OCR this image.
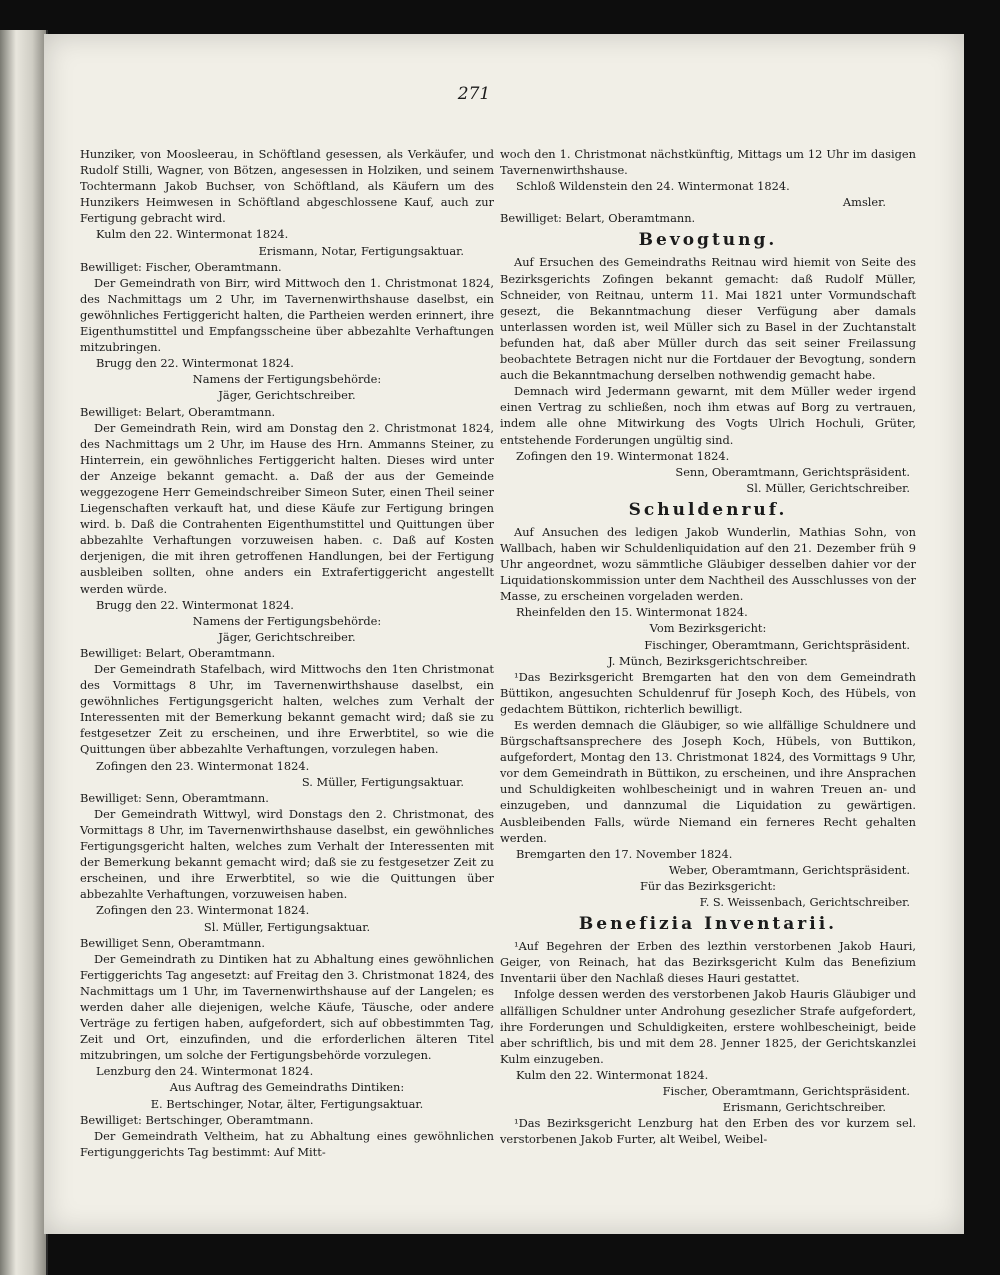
271

Hunziker, von Moosleerau, in Schöftland gesessen, als Verkäufer, und Rudolf Stilli, Wagner, von Bötzen, angesessen in Holziken, und seinem Tochtermann Jakob Buchser, von Schöftland, als Käufern um des Hunzikers Heimwesen in Schöftland abgeschlossene Kauf, auch zur Fertigung gebracht wird.

Kulm den 22. Wintermonat 1824.

Erismann, Notar, Fertigungsaktuar.

Bewilliget: Fischer, Oberamtmann.

Der Gemeindrath von Birr, wird Mittwoch den 1. Christmonat 1824, des Nachmittags um 2 Uhr, im Tavernenwirthshause daselbst, ein gewöhnliches Fertiggericht halten, die Partheien werden erinnert, ihre Eigenthumstittel und Empfangsscheine über abbezahlte Verhaftungen mitzubringen.

Brugg den 22. Wintermonat 1824.

Namens der Fertigungsbehörde:

Jäger, Gerichtschreiber.

Bewilliget: Belart, Oberamtmann.

Der Gemeindrath Rein, wird am Donstag den 2. Christmonat 1824, des Nachmittags um 2 Uhr, im Hause des Hrn. Ammanns Steiner, zu Hinterrein, ein gewöhnliches Fertiggericht halten. Dieses wird unter der Anzeige bekannt gemacht. a. Daß der aus der Gemeinde weggezogene Herr Gemeindschreiber Simeon Suter, einen Theil seiner Liegenschaften verkauft hat, und diese Käufe zur Fertigung bringen wird. b. Daß die Contrahenten Eigenthumstittel und Quittungen über abbezahlte Verhaftungen vorzuweisen haben. c. Daß auf Kosten derjenigen, die mit ihren getroffenen Handlungen, bei der Fertigung ausbleiben sollten, ohne anders ein Extrafertiggericht angestellt werden würde.

Brugg den 22. Wintermonat 1824.

Namens der Fertigungsbehörde:

Jäger, Gerichtschreiber.

Bewilliget: Belart, Oberamtmann.

Der Gemeindrath Stafelbach, wird Mittwochs den 1ten Christmonat des Vormittags 8 Uhr, im Tavernenwirthshause daselbst, ein gewöhnliches Fertigungsgericht halten, welches zum Verhalt der Interessenten mit der Bemerkung bekannt gemacht wird; daß sie zu festgesetzer Zeit zu erscheinen, und ihre Erwerbtitel, so wie die Quittungen über abbezahlte Verhaftungen, vorzulegen haben.

Zofingen den 23. Wintermonat 1824.

S. Müller, Fertigungsaktuar.

Bewilliget: Senn, Oberamtmann.

Der Gemeindrath Wittwyl, wird Donstags den 2. Christmonat, des Vormittags 8 Uhr, im Tavernenwirthshause daselbst, ein gewöhnliches Fertigungsgericht halten, welches zum Verhalt der Interessenten mit der Bemerkung bekannt gemacht wird; daß sie zu festgesetzer Zeit zu erscheinen, und ihre Erwerbtitel, so wie die Quittungen über abbezahlte Verhaftungen, vorzuweisen haben.

Zofingen den 23. Wintermonat 1824.

Sl. Müller, Fertigungsaktuar.

Bewilliget Senn, Oberamtmann.

Der Gemeindrath zu Dintiken hat zu Abhaltung eines gewöhnlichen Fertiggerichts Tag angesetzt: auf Freitag den 3. Christmonat 1824, des Nachmittags um 1 Uhr, im Tavernenwirthshause auf der Langelen; es werden daher alle diejenigen, welche Käufe, Täusche, oder andere Verträge zu fertigen haben, aufgefordert, sich auf obbestimmten Tag, Zeit und Ort, einzufinden, und die erforderlichen älteren Titel mitzubringen, um solche der Fertigungsbehörde vorzulegen.

Lenzburg den 24. Wintermonat 1824.

Aus Auftrag des Gemeindraths Dintiken:

E. Bertschinger, Notar, älter, Fertigungsaktuar.

Bewilliget: Bertschinger, Oberamtmann.

Der Gemeindrath Veltheim, hat zu Abhaltung eines gewöhnlichen Fertigunggerichts Tag bestimmt: Auf Mitt-

woch den 1. Christmonat nächstkünftig, Mittags um 12 Uhr im dasigen Tavernenwirthshause.

Schloß Wildenstein den 24. Wintermonat 1824.

Amsler.

Bewilliget: Belart, Oberamtmann.

Bevogtung.

Auf Ersuchen des Gemeindraths Reitnau wird hiemit von Seite des Bezirksgerichts Zofingen bekannt gemacht: daß Rudolf Müller, Schneider, von Reitnau, unterm 11. Mai 1821 unter Vormundschaft gesezt, die Bekanntmachung dieser Verfügung aber damals unterlassen worden ist, weil Müller sich zu Basel in der Zuchtanstalt befunden hat, daß aber Müller durch das seit seiner Freilassung beobachtete Betragen nicht nur die Fortdauer der Bevogtung, sondern auch die Bekanntmachung derselben nothwendig gemacht habe.

Demnach wird Jedermann gewarnt, mit dem Müller weder irgend einen Vertrag zu schließen, noch ihm etwas auf Borg zu vertrauen, indem alle ohne Mitwirkung des Vogts Ulrich Hochuli, Grüter, entstehende Forderungen ungültig sind.

Zofingen den 19. Wintermonat 1824.

Senn, Oberamtmann, Gerichtspräsident.

Sl. Müller, Gerichtschreiber.

Schuldenruf.

Auf Ansuchen des ledigen Jakob Wunderlin, Mathias Sohn, von Wallbach, haben wir Schuldenliquidation auf den 21. Dezember früh 9 Uhr angeordnet, wozu sämmtliche Gläubiger desselben dahier vor der Liquidationskommission unter dem Nachtheil des Ausschlusses von der Masse, zu erscheinen vorgeladen werden.

Rheinfelden den 15. Wintermonat 1824.

Vom Bezirksgericht:

Fischinger, Oberamtmann, Gerichtspräsident.

J. Münch, Bezirksgerichtschreiber.

¹Das Bezirksgericht Bremgarten hat den von dem Gemeindrath Büttikon, angesuchten Schuldenruf für Joseph Koch, des Hübels, von gedachtem Büttikon, richterlich bewilligt.

Es werden demnach die Gläubiger, so wie allfällige Schuldnere und Bürgschaftsansprechere des Joseph Koch, Hübels, von Buttikon, aufgefordert, Montag den 13. Christmonat 1824, des Vormittags 9 Uhr, vor dem Gemeindrath in Büttikon, zu erscheinen, und ihre Ansprachen und Schuldigkeiten wohlbescheinigt und in wahren Treuen an- und einzugeben, und dannzumal die Liquidation zu gewärtigen. Ausbleibenden Falls, würde Niemand ein ferneres Recht gehalten werden.

Bremgarten den 17. November 1824.

Weber, Oberamtmann, Gerichtspräsident.

Für das Bezirksgericht:

F. S. Weissenbach, Gerichtschreiber.

Benefizia Inventarii.

¹Auf Begehren der Erben des lezthin verstorbenen Jakob Hauri, Geiger, von Reinach, hat das Bezirksgericht Kulm das Benefizium Inventarii über den Nachlaß dieses Hauri gestattet.

Infolge dessen werden des verstorbenen Jakob Hauris Gläubiger und allfälligen Schuldner unter Androhung gesezlicher Strafe aufgefordert, ihre Forderungen und Schuldigkeiten, erstere wohlbescheinigt, beide aber schriftlich, bis und mit dem 28. Jenner 1825, der Gerichtskanzlei Kulm einzugeben.

Kulm den 22. Wintermonat 1824.

Fischer, Oberamtmann, Gerichtspräsident.

Erismann, Gerichtschreiber.

¹Das Bezirksgericht Lenzburg hat den Erben des vor kurzem sel. verstorbenen Jakob Furter, alt Weibel, Weibel-
